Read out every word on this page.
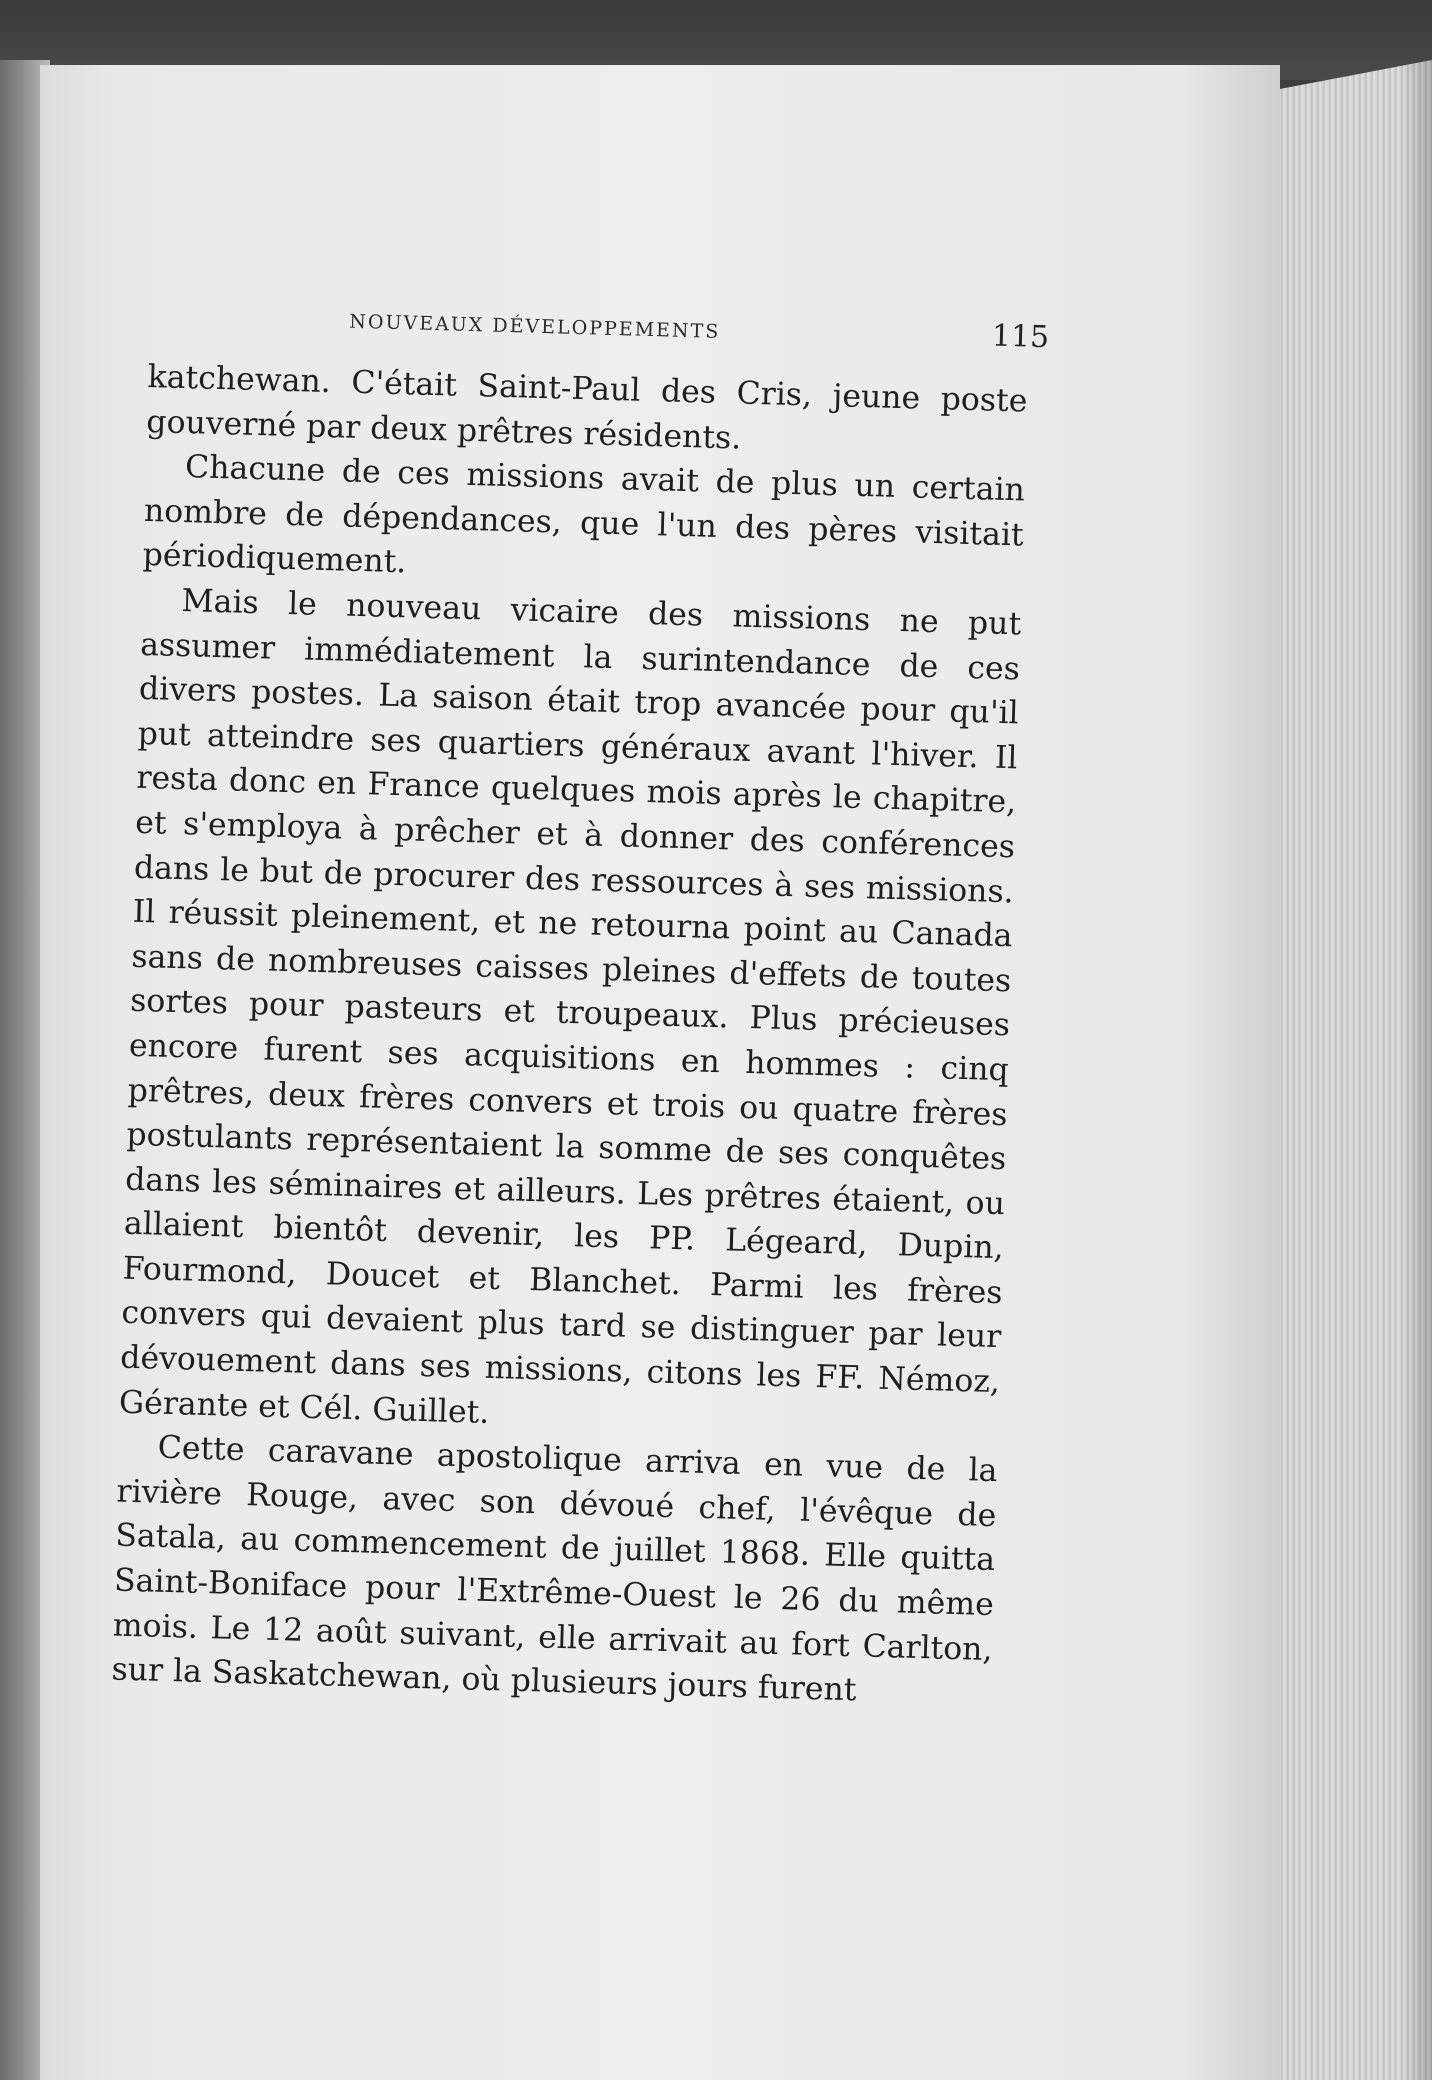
NOUVEAUX DÉVELOPPEMENTS	115

katchewan. C'était Saint-Paul des Cris, jeune poste gouverné par deux prêtres résidents.

Chacune de ces missions avait de plus un certain nombre de dépendances, que l'un des pères visitait périodiquement.

Mais le nouveau vicaire des missions ne put assumer immédiatement la surintendance de ces divers postes. La saison était trop avancée pour qu'il put atteindre ses quartiers généraux avant l'hiver. Il resta donc en France quelques mois après le chapitre, et s'employa à prêcher et à donner des conférences dans le but de procurer des ressources à ses missions. Il réussit pleinement, et ne retourna point au Canada sans de nombreuses caisses pleines d'effets de toutes sortes pour pasteurs et troupeaux. Plus précieuses encore furent ses acquisitions en hommes : cinq prêtres, deux frères convers et trois ou quatre frères postulants représentaient la somme de ses conquêtes dans les séminaires et ailleurs. Les prêtres étaient, ou allaient bientôt devenir, les PP. Légeard, Dupin, Fourmond, Doucet et Blanchet. Parmi les frères convers qui devaient plus tard se distinguer par leur dévouement dans ses missions, citons les FF. Némoz, Gérante et Cél. Guillet.

Cette caravane apostolique arriva en vue de la rivière Rouge, avec son dévoué chef, l'évêque de Satala, au commencement de juillet 1868. Elle quitta Saint-Boniface pour l'Extrême-Ouest le 26 du même mois. Le 12 août suivant, elle arrivait au fort Carlton, sur la Saskatchewan, où plusieurs jours furent
